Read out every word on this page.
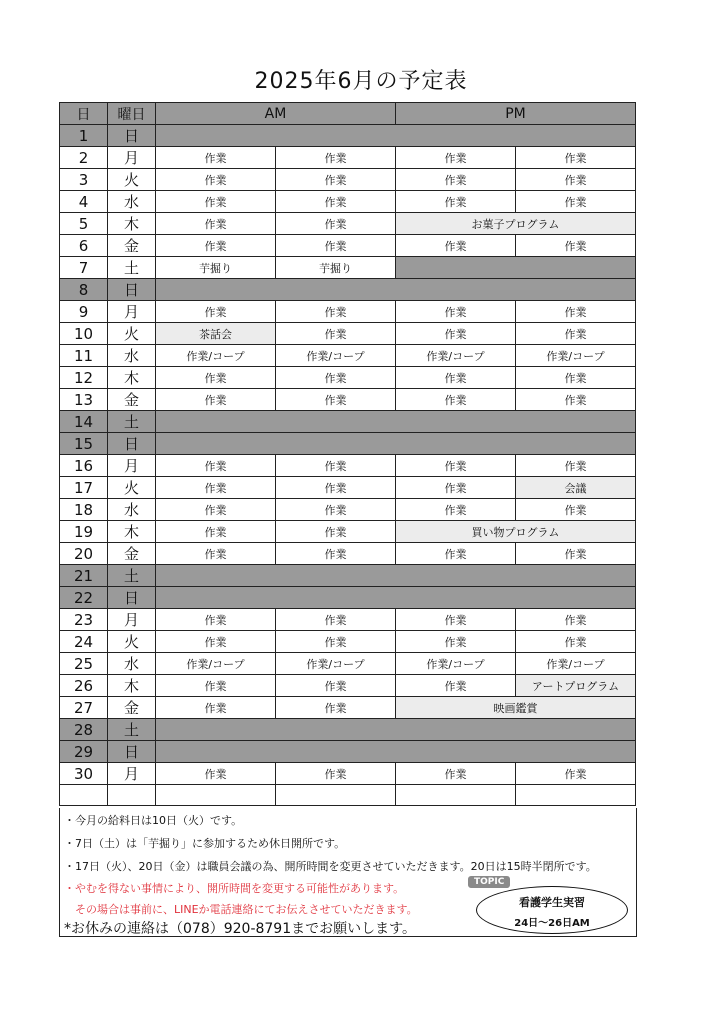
2025年6月の予定表
日	曜日	AM		PM	
1	日				
2	月	作業	作業	作業	作業
3	火	作業	作業	作業	作業
4	水	作業	作業	作業	作業
5	木	作業	作業	お菓子プログラム	
6	金	作業	作業	作業	作業
7	土	芋掘り	芋掘り		
8	日				
9	月	作業	作業	作業	作業
10	火	茶話会	作業	作業	作業
11	水	作業/コープ	作業/コープ	作業/コープ	作業/コープ
12	木	作業	作業	作業	作業
13	金	作業	作業	作業	作業
14	土				
15	日				
16	月	作業	作業	作業	作業
17	火	作業	作業	作業	会議
18	水	作業	作業	作業	作業
19	木	作業	作業	買い物プログラム	
20	金	作業	作業	作業	作業
21	土				
22	日				
23	月	作業	作業	作業	作業
24	火	作業	作業	作業	作業
25	水	作業/コープ	作業/コープ	作業/コープ	作業/コープ
26	木	作業	作業	作業	アートプログラム
27	金	作業	作業	映画鑑賞	
28	土				
29	日				
30	月	作業	作業	作業	作業

・今月の給料日は10日（火）です。
・7日（土）は「芋掘り」に参加するため休日開所です。
・17日（火）、20日（金）は職員会議の為、開所時間を変更させていただきます。20日は15時半閉所です。
・やむを得ない事情により、開所時間を変更する可能性があります。
　その場合は事前に、LINEか電話連絡にてお伝えさせていただきます。
*お休みの連絡は（078）920-8791までお願いします。
看護学生実習
24日～26日AM
TOPIC
